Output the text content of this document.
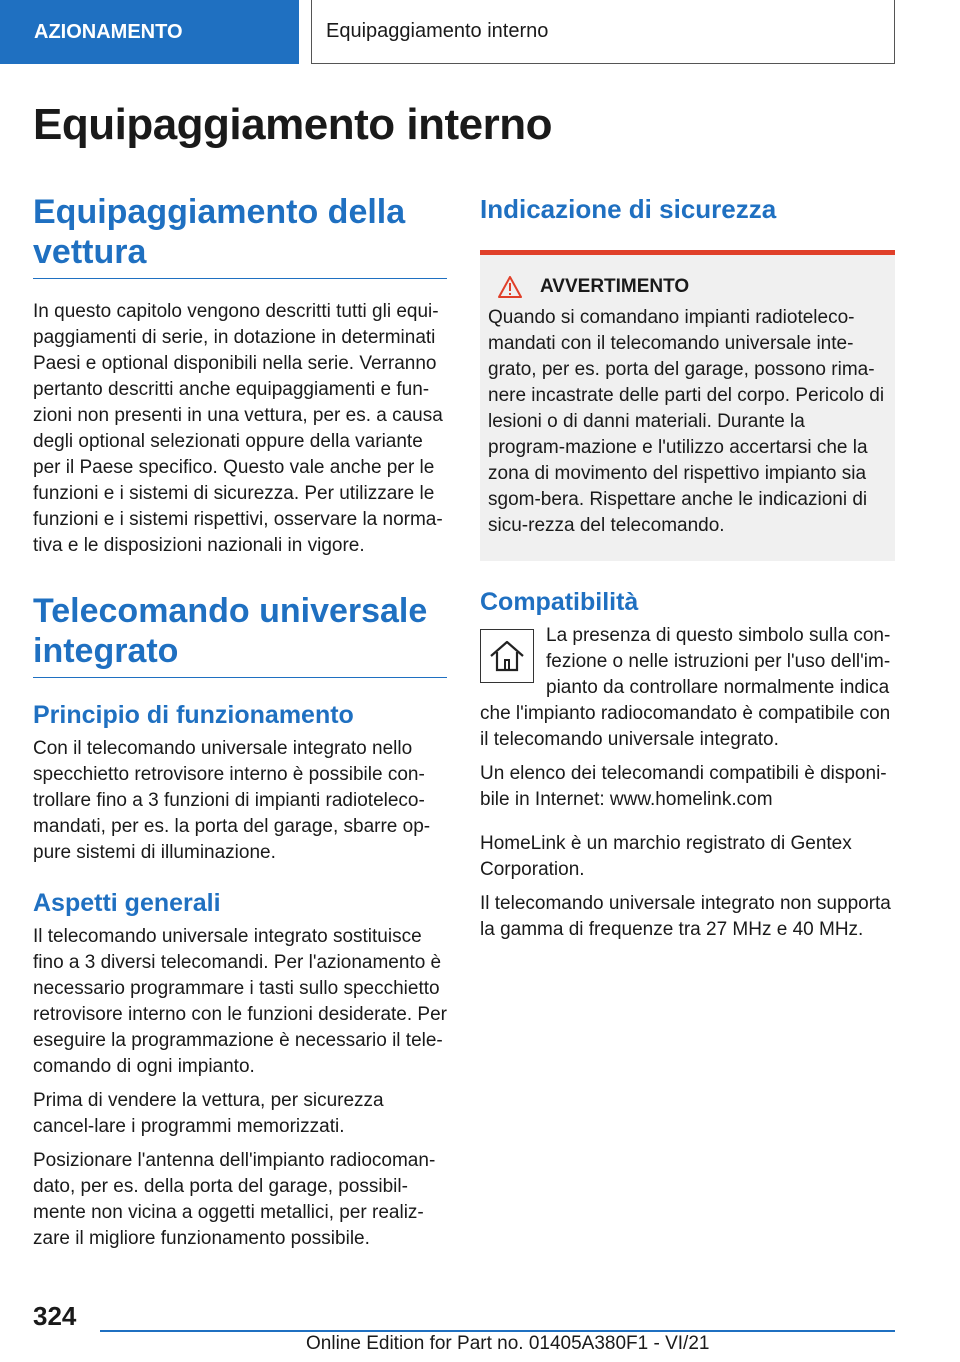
AZIONAMENTO	Equipaggiamento interno
Equipaggiamento interno
Equipaggiamento della vettura

In questo capitolo vengono descritti tutti gli equi-paggiamenti di serie, in dotazione in determinati Paesi e optional disponibili nella serie. Verranno pertanto descritti anche equipaggiamenti e fun-zioni non presenti in una vettura, per es. a causa degli optional selezionati oppure della variante per il Paese specifico. Questo vale anche per le funzioni e i sistemi di sicurezza. Per utilizzare le funzioni e i sistemi rispettivi, osservare la norma-tiva e le disposizioni nazionali in vigore.

Telecomando universale integrato
Principio di funzionamento

Con il telecomando universale integrato nello specchietto retrovisore interno è possibile con-trollare fino a 3 funzioni di impianti radioteleco-mandati, per es. la porta del garage, sbarre op-pure sistemi di illuminazione.

Aspetti generali

Il telecomando universale integrato sostituisce fino a 3 diversi telecomandi. Per l'azionamento è necessario programmare i tasti sullo specchietto retrovisore interno con le funzioni desiderate. Per eseguire la programmazione è necessario il tele-comando di ogni impianto.

Prima di vendere la vettura, per sicurezza cancel-lare i programmi memorizzati.

Posizionare l'antenna dell'impianto radiocoman-dato, per es. della porta del garage, possibil-mente non vicina a oggetti metallici, per realiz-zare il migliore funzionamento possibile.

Indicazione di sicurezza
AVVERTIMENTO

Quando si comandano impianti radioteleco-mandati con il telecomando universale inte-grato, per es. porta del garage, possono rima-nere incastrate delle parti del corpo. Pericolo di lesioni o di danni materiali. Durante la program-mazione e l'utilizzo accertarsi che la zona di movimento del rispettivo impianto sia sgom-bera. Rispettare anche le indicazioni di sicu-rezza del telecomando.

Compatibilità

La presenza di questo simbolo sulla con-fezione o nelle istruzioni per l'uso dell'im-pianto da controllare normalmente indica che l'impianto radiocomandato è compatibile con il telecomando universale integrato.

Un elenco dei telecomandi compatibili è disponi-bile in Internet: www.homelink.com

HomeLink è un marchio registrato di Gentex Corporation.

Il telecomando universale integrato non supporta la gamma di frequenze tra 27 MHz e 40 MHz.

324
Online Edition for Part no. 01405A380F1 - VI/21
